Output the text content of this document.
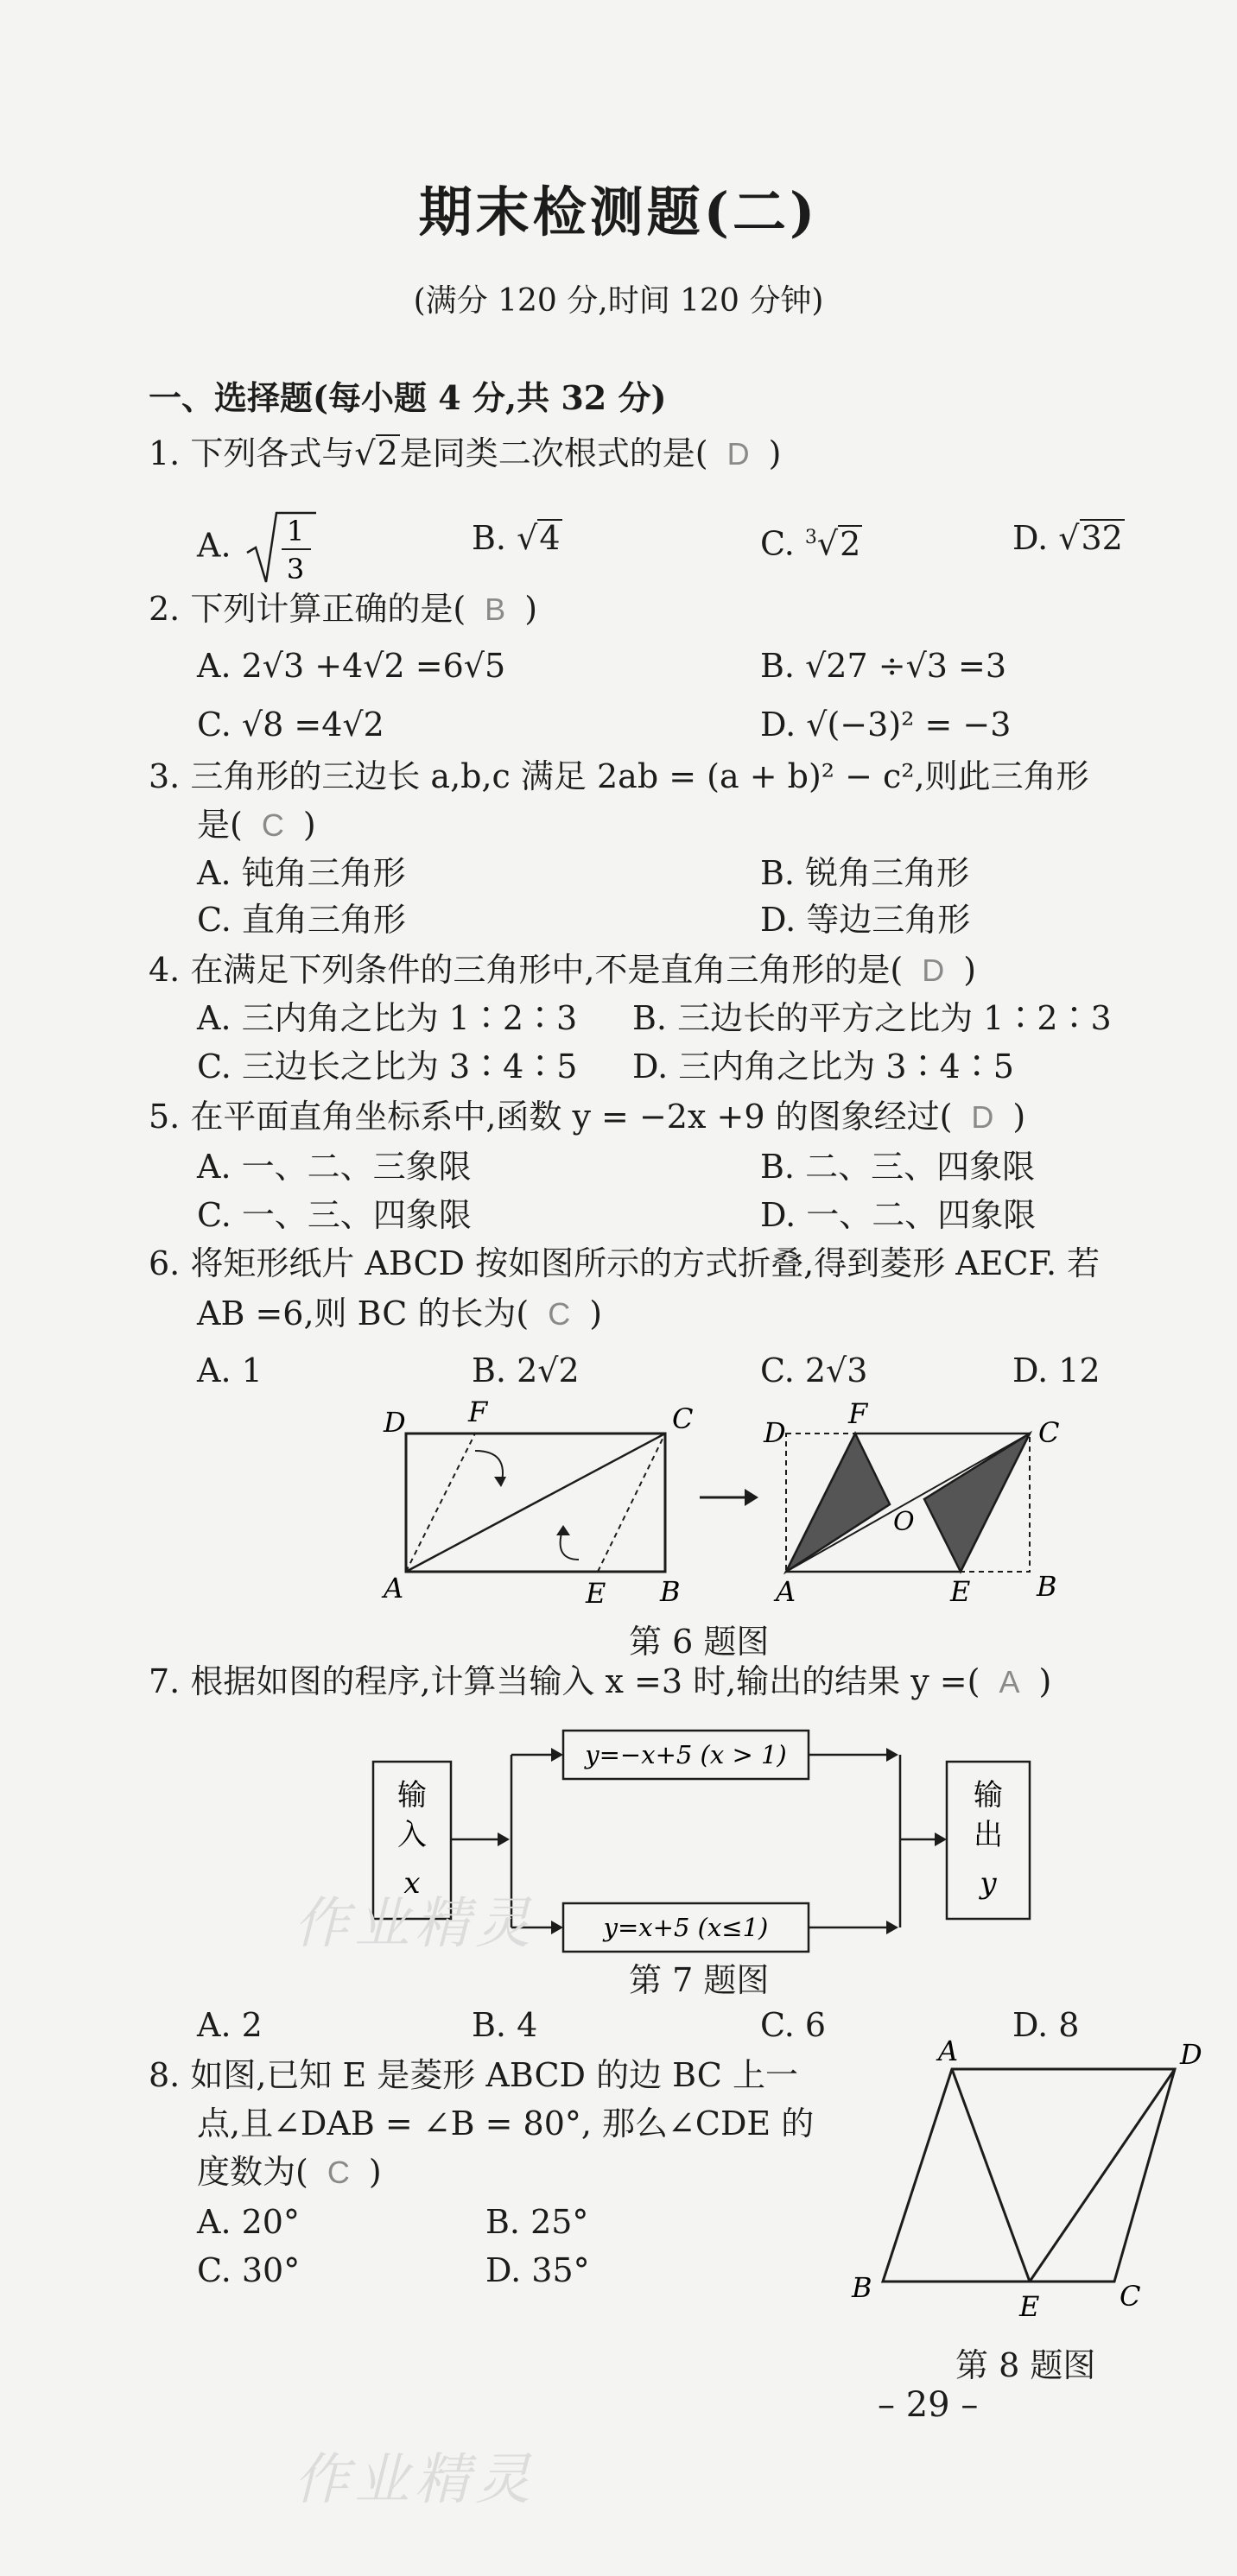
期末检测题(二)
(满分 120 分,时间 120 分钟)
一、选择题(每小题 4 分,共 32 分)
1. 下列各式与√2是同类二次根式的是( D )
A. 1
3
B. √4	C. $^3$√2	D. √32
2. 下列计算正确的是( B )
A. 2√3 +4√2 =6√5	B. √27 ÷√3 =3
C. √8 =4√2	D. √(−3)² = −3
3. 三角形的三边长 a,b,c 满足 2ab = (a + b)² − c²,则此三角形
是( C )
A. 钝角三角形	B. 锐角三角形
C. 直角三角形	D. 等边三角形
4. 在满足下列条件的三角形中,不是直角三角形的是( D )
A. 三内角之比为 1∶2∶3 B. 三边长的平方之比为 1∶2∶3
C. 三边长之比为 3∶4∶5 D. 三内角之比为 3∶4∶5
5. 在平面直角坐标系中,函数 y = −2x +9 的图象经过( D )
A. 一、二、三象限	B. 二、三、四象限
C. 一、三、四象限	D. 一、二、四象限
6. 将矩形纸片 ABCD 按如图所示的方式折叠,得到菱形 AECF. 若
AB =6,则 BC 的长为( C )
A. 1	B. 2√2	C. 2√3	D. 12
D F	C
A	E B
D
F
C
O
A	E B
第 6 题图
7. 根据如图的程序,计算当输入 x =3 时,输出的结果 y =( A )
输
入
x
y=−x+5 (x > 1)
y=x+5 (x≤1)
输
出
y
第 7 题图
A. 2	B. 4	C. 6	D. 8
8. 如图,已知 E 是菱形 ABCD 的边 BC 上一
点,且∠DAB = ∠B = 80°, 那么∠CDE 的
度数为( C )
A. 20°	B. 25°
C. 30°	D. 35°
A	D
B
E	C
第 8 题图
– 29 –
作业精灵
作业精灵
